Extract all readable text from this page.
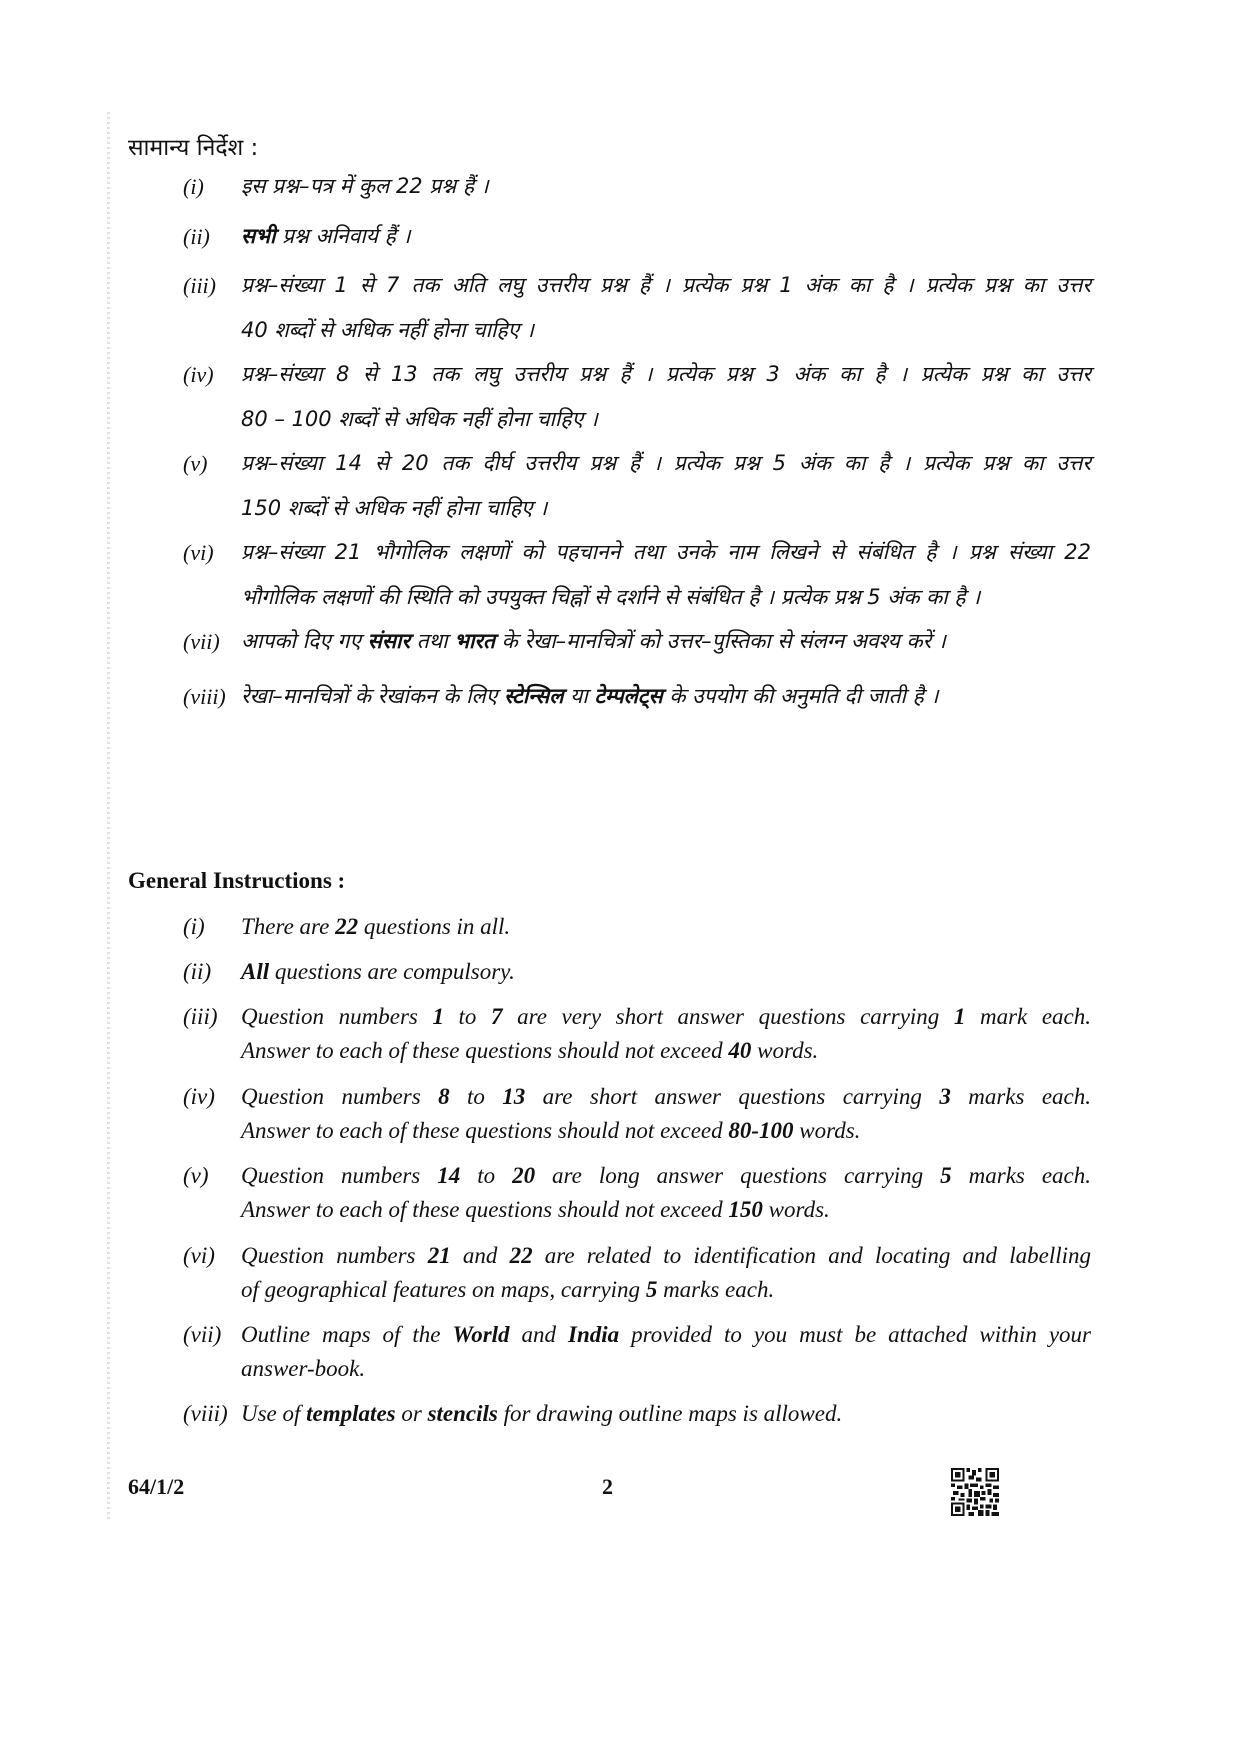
सामान्य निर्देश :
(i)	इस प्रश्न–पत्र में कुल 22 प्रश्न हैं ।
(ii)	सभी प्रश्न अनिवार्य हैं ।
(iii)	प्रश्न–संख्या 1 से 7 तक अति लघु उत्तरीय प्रश्न हैं । प्रत्येक प्रश्न 1 अंक का है । प्रत्येक प्रश्न का उत्तर
40 शब्दों से अधिक नहीं होना चाहिए ।
(iv)	प्रश्न–संख्या 8 से 13 तक लघु उत्तरीय प्रश्न हैं । प्रत्येक प्रश्न 3 अंक का है । प्रत्येक प्रश्न का उत्तर
80 – 100 शब्दों से अधिक नहीं होना चाहिए ।
(v)	प्रश्न–संख्या 14 से 20 तक दीर्घ उत्तरीय प्रश्न हैं । प्रत्येक प्रश्न 5 अंक का है । प्रत्येक प्रश्न का उत्तर
150 शब्दों से अधिक नहीं होना चाहिए ।
(vi)	प्रश्न–संख्या 21 भौगोलिक लक्षणों को पहचानने तथा उनके नाम लिखने से संबंधित है । प्रश्न संख्या 22
भौगोलिक लक्षणों की स्थिति को उपयुक्त चिह्नों से दर्शाने से संबंधित है । प्रत्येक प्रश्न 5 अंक का है ।
(vii)	आपको दिए गए संसार तथा भारत के रेखा–मानचित्रों को उत्तर–पुस्तिका से संलग्न अवश्य करें ।
(viii) रेखा–मानचित्रों के रेखांकन के लिए स्टेन्सिल या टेम्पलेट्स के उपयोग की अनुमति दी जाती है ।
General Instructions :
(i)	There are 22 questions in all.
(ii)	All questions are compulsory.
(iii)	Question numbers 1 to 7 are very short answer questions carrying 1 mark each.
Answer to each of these questions should not exceed 40 words.
(iv)	Question numbers 8 to 13 are short answer questions carrying 3 marks each.
Answer to each of these questions should not exceed 80-100 words.
(v)	Question numbers 14 to 20 are long answer questions carrying 5 marks each.
Answer to each of these questions should not exceed 150 words.
(vi)	Question numbers 21 and 22 are related to identification and locating and labelling
of geographical features on maps, carrying 5 marks each.
(vii) Outline maps of the World and India provided to you must be attached within your
answer-book.
(viii) Use of templates or stencils for drawing outline maps is allowed.
64/1/2	2
